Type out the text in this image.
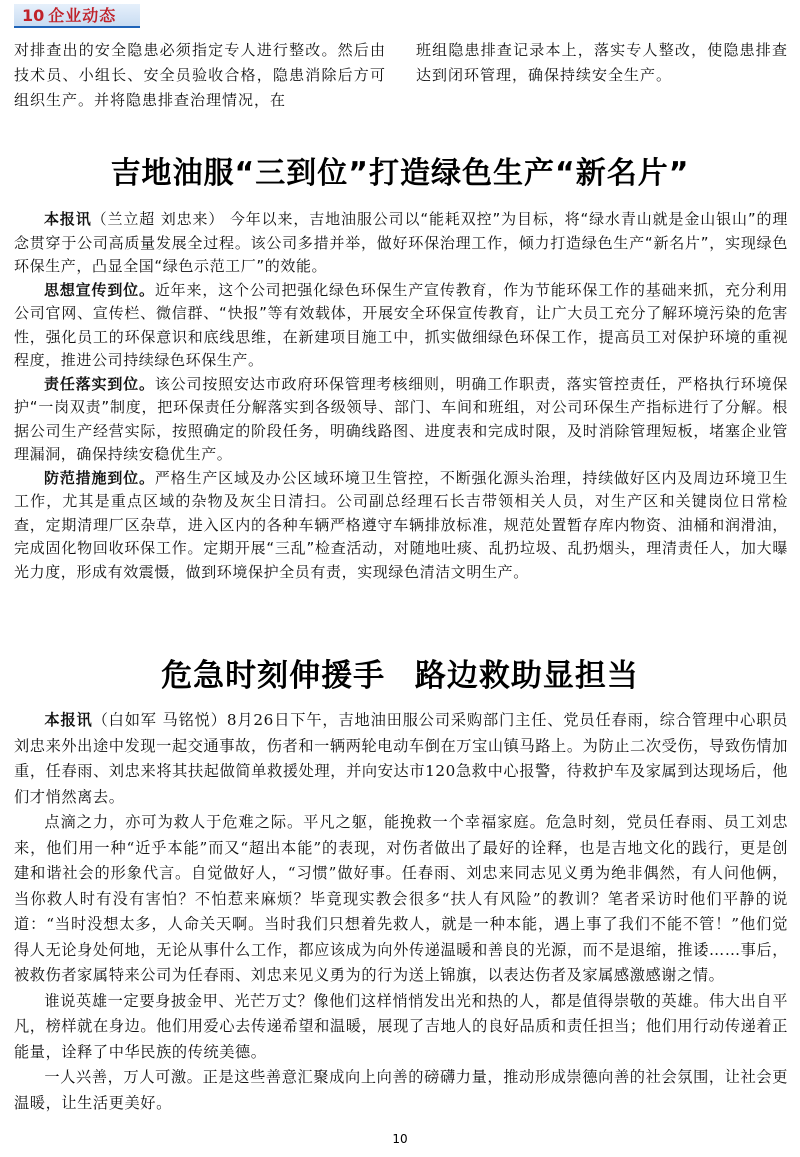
10 企业动态

对排查出的安全隐患必须指定专人进行整改。然后由技术员、小组长、安全员验收合格，隐患消除后方可组织生产。并将隐患排查治理情况，在

班组隐患排查记录本上，落实专人整改，使隐患排查达到闭环管理，确保持续安全生产。

吉地油服“三到位”打造绿色生产“新名片”

本报讯（兰立超 刘忠来） 今年以来，吉地油服公司以“能耗双控”为目标，将“绿水青山就是金山银山”的理念贯穿于公司高质量发展全过程。该公司多措并举，做好环保治理工作，倾力打造绿色生产“新名片”，实现绿色环保生产，凸显全国“绿色示范工厂”的效能。

思想宣传到位。近年来，这个公司把强化绿色环保生产宣传教育，作为节能环保工作的基础来抓，充分利用公司官网、宣传栏、微信群、“快报”等有效载体，开展安全环保宣传教育，让广大员工充分了解环境污染的危害性，强化员工的环保意识和底线思维，在新建项目施工中，抓实做细绿色环保工作，提高员工对保护环境的重视程度，推进公司持续绿色环保生产。

责任落实到位。该公司按照安达市政府环保管理考核细则，明确工作职责，落实管控责任，严格执行环境保护“一岗双责”制度，把环保责任分解落实到各级领导、部门、车间和班组，对公司环保生产指标进行了分解。根据公司生产经营实际，按照确定的阶段任务，明确线路图、进度表和完成时限，及时消除管理短板，堵塞企业管理漏洞，确保持续安稳优生产。

防范措施到位。严格生产区域及办公区域环境卫生管控，不断强化源头治理，持续做好区内及周边环境卫生工作，尤其是重点区域的杂物及灰尘日清扫。公司副总经理石长吉带领相关人员，对生产区和关键岗位日常检查，定期清理厂区杂草，进入区内的各种车辆严格遵守车辆排放标准，规范处置暂存库内物资、油桶和润滑油，完成固化物回收环保工作。定期开展“三乱”检查活动，对随地吐痰、乱扔垃圾、乱扔烟头，理清责任人，加大曝光力度，形成有效震慑，做到环境保护全员有责，实现绿色清洁文明生产。

危急时刻伸援手 路边救助显担当

本报讯（白如军 马铭悦）8月26日下午，吉地油田服公司采购部门主任、党员任春雨，综合管理中心职员刘忠来外出途中发现一起交通事故，伤者和一辆两轮电动车倒在万宝山镇马路上。为防止二次受伤，导致伤情加重，任春雨、刘忠来将其扶起做简单救援处理，并向安达市120急救中心报警，待救护车及家属到达现场后，他们才悄然离去。

点滴之力，亦可为救人于危难之际。平凡之躯，能挽救一个幸福家庭。危急时刻，党员任春雨、员工刘忠来，他们用一种“近乎本能”而又“超出本能”的表现，对伤者做出了最好的诠释，也是吉地文化的践行，更是创建和谐社会的形象代言。自觉做好人，“习惯”做好事。任春雨、刘忠来同志见义勇为绝非偶然，有人问他俩，当你救人时有没有害怕？不怕惹来麻烦？毕竟现实教会很多“扶人有风险”的教训？笔者采访时他们平静的说道：“当时没想太多，人命关天啊。当时我们只想着先救人，就是一种本能，遇上事了我们不能不管！”他们觉得人无论身处何地，无论从事什么工作，都应该成为向外传递温暖和善良的光源，而不是退缩，推诿……事后，被救伤者家属特来公司为任春雨、刘忠来见义勇为的行为送上锦旗，以表达伤者及家属感激感谢之情。

谁说英雄一定要身披金甲、光芒万丈？像他们这样悄悄发出光和热的人，都是值得崇敬的英雄。伟大出自平凡，榜样就在身边。他们用爱心去传递希望和温暖，展现了吉地人的良好品质和责任担当；他们用行动传递着正能量，诠释了中华民族的传统美德。

一人兴善，万人可激。正是这些善意汇聚成向上向善的磅礴力量，推动形成崇德向善的社会氛围，让社会更温暖，让生活更美好。

10
